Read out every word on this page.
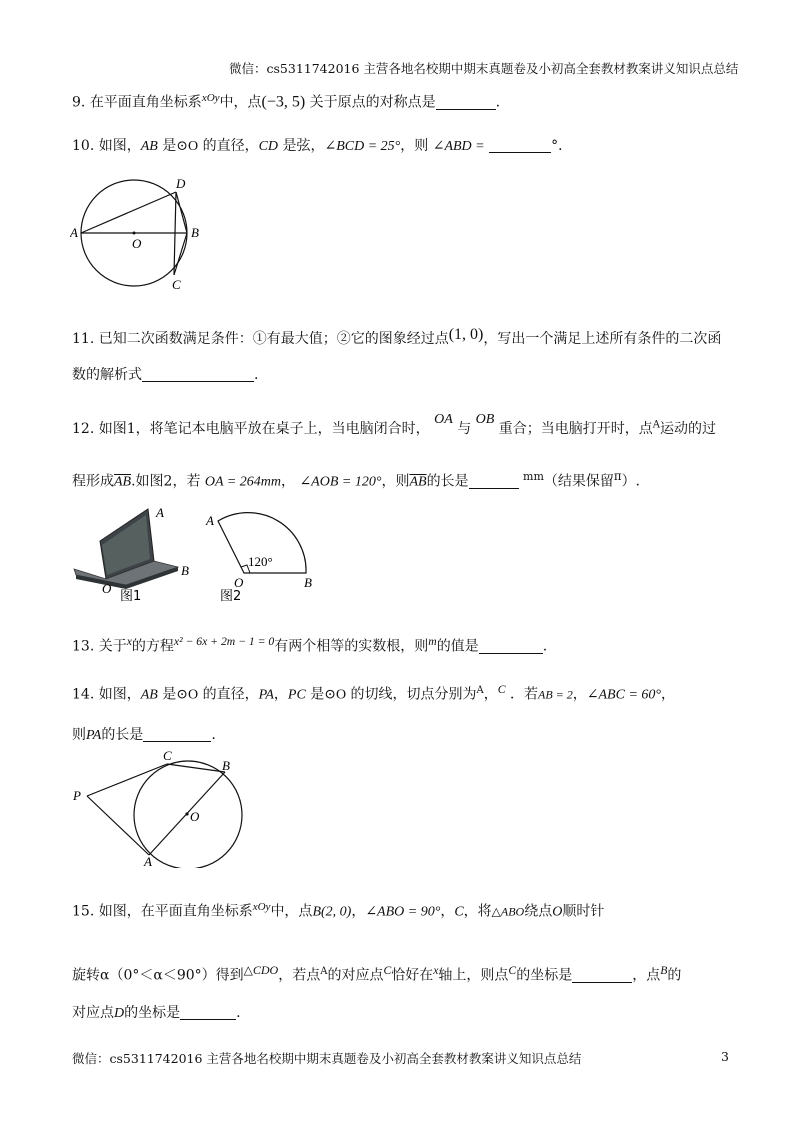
微信：cs5311742016 主营各地名校期中期末真题卷及小初高全套教材教案讲义知识点总结
9. 在平面直角坐标系$^{xOy}$中，点(−3, 5) 关于原点的对称点是	.
10. 如图，AB 是⊙O 的直径，CD 是弦，∠BCD = 25°，则 ∠ABD =	°．
A	B
C
D
O
11. 已知二次函数满足条件：①有最大值；②它的图象经过点(1, 0)，写出一个满足上述所有条件的二次函
数的解析式	.
12. 如图1，将笔记本电脑平放在桌子上，当电脑闭合时， OA 与 OB 重合；当电脑打开时，点$^A$运动的过
程形成$\overline{AB}$.如图2，若 OA = 264mm， ∠AOB = 120°，则$\overline{AB}$的长是	$^{mm}$（结果保留$^\pi$）.
A
B
O
图1
A
B
O
120°
图2
13. 关于$^x$的方程$^{x^2 - 6x + 2m - 1 = 0}$有两个相等的实数根，则$^m$的值是	.
14. 如图，AB 是⊙O 的直径，PA，PC 是⊙O 的切线，切点分别为$^A$，$^C$ ．若AB = 2，∠ABC = 60°，
则PA的长是	.
P
A
B
C
O
15. 如图，在平面直角坐标系$^{xOy}$中，点B(2, 0)，∠ABO = 90°，C，将△ABO绕点O顺时针
旋转α（0°＜α＜90°）得到$^{\triangle CDO}$，若点$^A$的对应点$^C$恰好在$^x$轴上，则点$^C$的坐标是	，点$^B$的
对应点D的坐标是	.
微信：cs5311742016 主营各地名校期中期末真题卷及小初高全套教材教案讲义知识点总结	3
